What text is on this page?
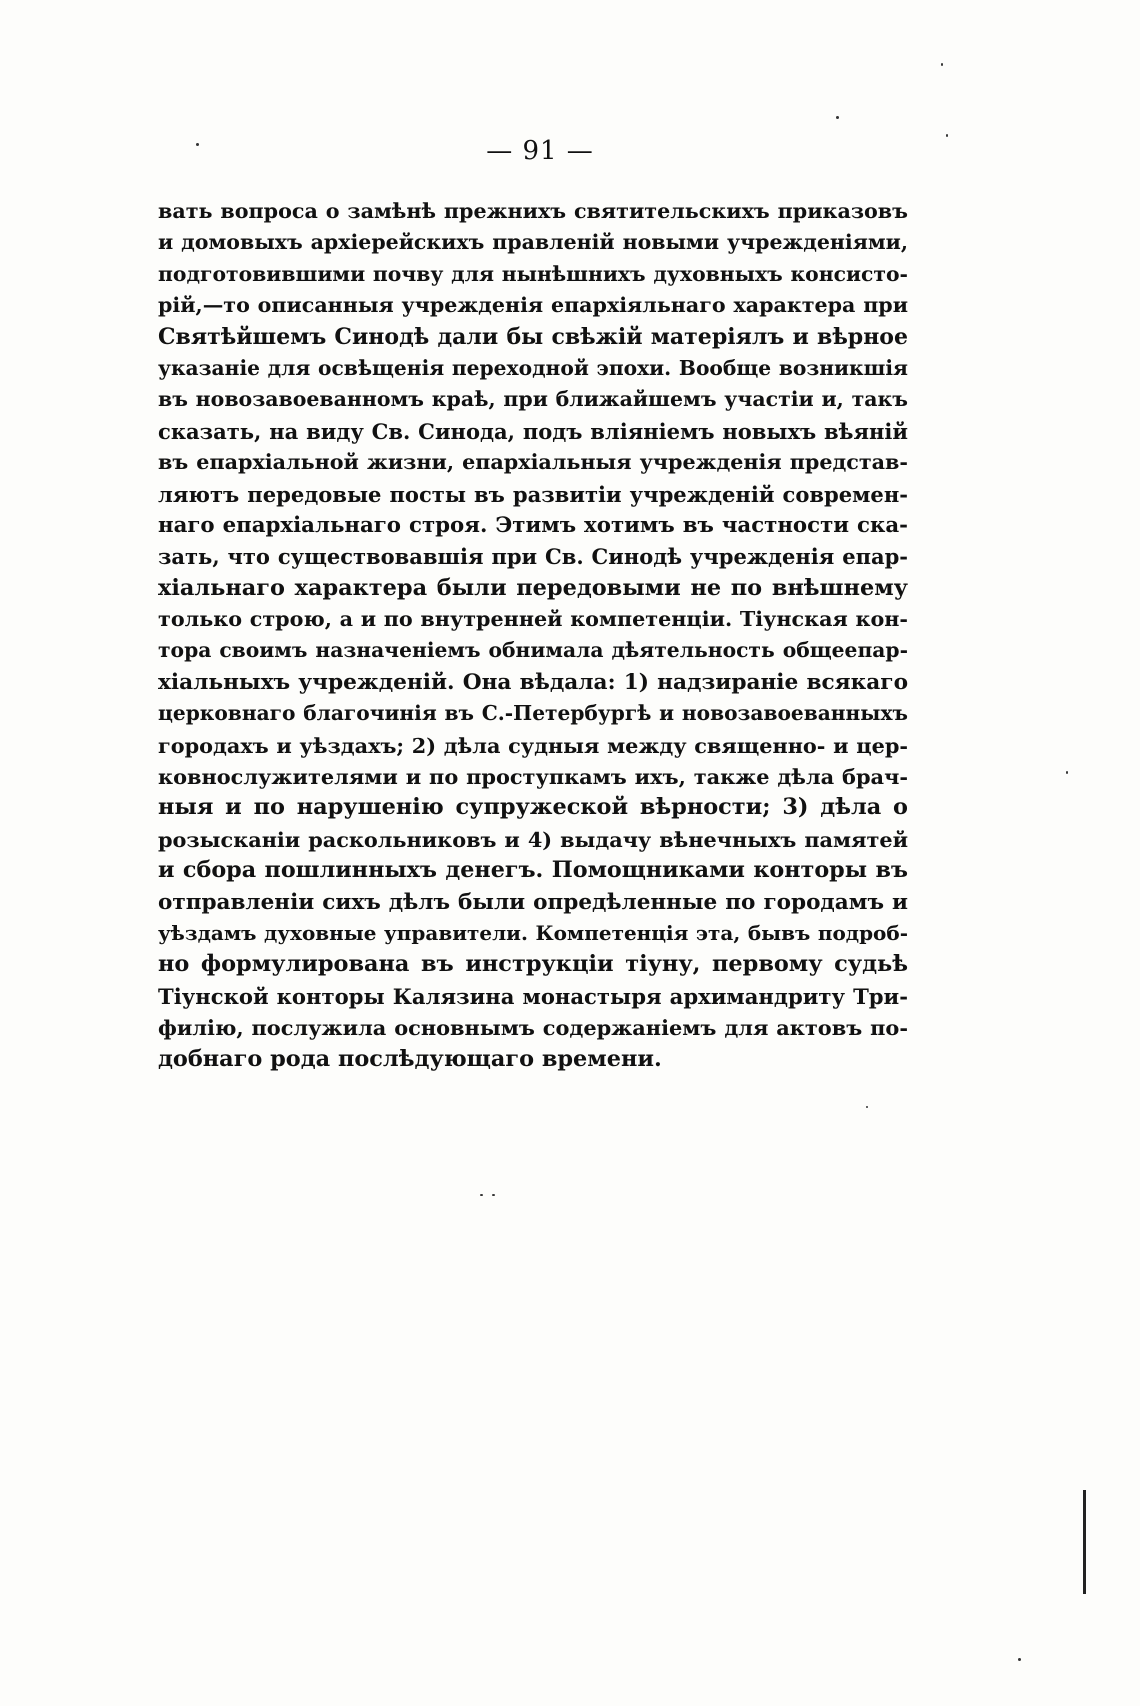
— 91 —
вать вопроса о замѣнѣ прежнихъ святительскихъ приказовъ
и домовыхъ архіерейскихъ правленій новыми учрежденіями,
подготовившими почву для нынѣшнихъ духовныхъ консисто-
рій,—то описанныя учрежденія епархіяльнаго характера при
Святѣйшемъ Синодѣ дали бы свѣжій матеріялъ и вѣрное
указаніе для освѣщенія переходной эпохи. Вообще возникшія
въ новозавоеванномъ краѣ, при ближайшемъ участіи и, такъ
сказать, на виду Св. Синода, подъ вліяніемъ новыхъ вѣяній
въ епархіальной жизни, епархіальныя учрежденія представ-
ляютъ передовые посты въ развитіи учрежденій современ-
наго епархіальнаго строя. Этимъ хотимъ въ частности ска-
зать, что существовавшія при Св. Синодѣ учрежденія епар-
хіальнаго характера были передовыми не по внѣшнему
только строю, а и по внутренней компетенціи. Тіунская кон-
тора своимъ назначеніемъ обнимала дѣятельность общеепар-
хіальныхъ учрежденій. Она вѣдала: 1) надзираніе всякаго
церковнаго благочинія въ С.-Петербургѣ и новозавоеванныхъ
городахъ и уѣздахъ; 2) дѣла судныя между священно- и цер-
ковнослужителями и по проступкамъ ихъ, также дѣла брач-
ныя и по нарушенію супружеской вѣрности; 3) дѣла о
розысканіи раскольниковъ и 4) выдачу вѣнечныхъ памятей
и сбора пошлинныхъ денегъ. Помощниками конторы въ
отправленіи сихъ дѣлъ были опредѣленные по городамъ и
уѣздамъ духовные управители. Компетенція эта, бывъ подроб-
но формулирована въ инструкціи тіуну, первому судьѣ
Тіунской конторы Калязина монастыря архимандриту Три-
филію, послужила основнымъ содержаніемъ для актовъ по-
добнаго рода послѣдующаго времени.
